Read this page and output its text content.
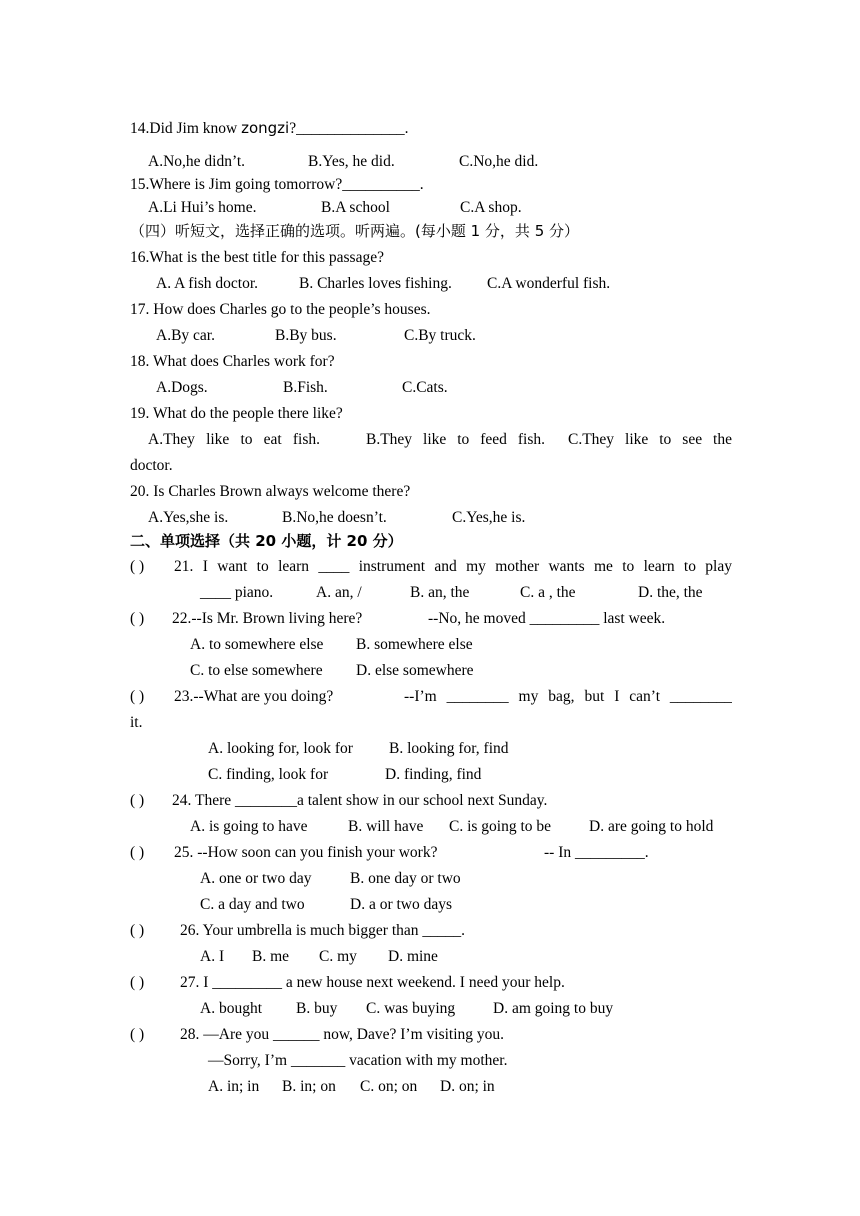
14.Did Jim know zongzi?______________.
A.No,he didn’t.	B.Yes, he did.	C.No,he did.
15.Where is Jim going tomorrow?__________.
A.Li Hui’s home.	B.A school	C.A shop.
（四）听短文，选择正确的选项。听两遍。(每小题 1 分，共 5 分）
16.What is the best title for this passage?
A. A fish doctor.	B. Charles loves fishing. C.A wonderful fish.
17. How does Charles go to the people’s houses.
A.By car.	B.By bus.	C.By truck.
18. What does Charles work for?
A.Dogs.	B.Fish.	C.Cats.
19. What do the people there like?
A.They like to eat fish.	B.They like to feed fish. C.They like to see the
doctor.
20. Is Charles Brown always welcome there?
A.Yes,she is.	B.No,he doesn’t.	C.Yes,he is.
二、单项选择（共 20 小题，计 20 分）
( ) 21. I want to learn ____ instrument and my mother wants me to learn to play
____ piano.	A. an, /	B. an, the	C. a , the	D. the, the
( ) 22.--Is Mr. Brown living here?	--No, he moved _________ last week.
A. to somewhere else B. somewhere else
C. to else somewhere D. else somewhere
( ) 23.--What are you doing?	--I’m ________ my bag, but I can’t ________
it.
A. looking for, look for B. looking for, find
C. finding, look for	D. finding, find
( ) 24. There ________a talent show in our school next Sunday.
A. is going to have	B. will have C. is going to be D. are going to hold
( ) 25. --How soon can you finish your work?	-- In _________.
A. one or two day B. one day or two
C. a day and two	D. a or two days
( ) 26. Your umbrella is much bigger than _____.
A. I B. me C. my D. mine
( ) 27. I _________ a new house next weekend. I need your help.
A. bought B. buy C. was buying D. am going to buy
( ) 28. —Are you ______ now, Dave? I’m visiting you.
—Sorry, I’m _______ vacation with my mother.
A. in; in B. in; on C. on; on D. on; in
